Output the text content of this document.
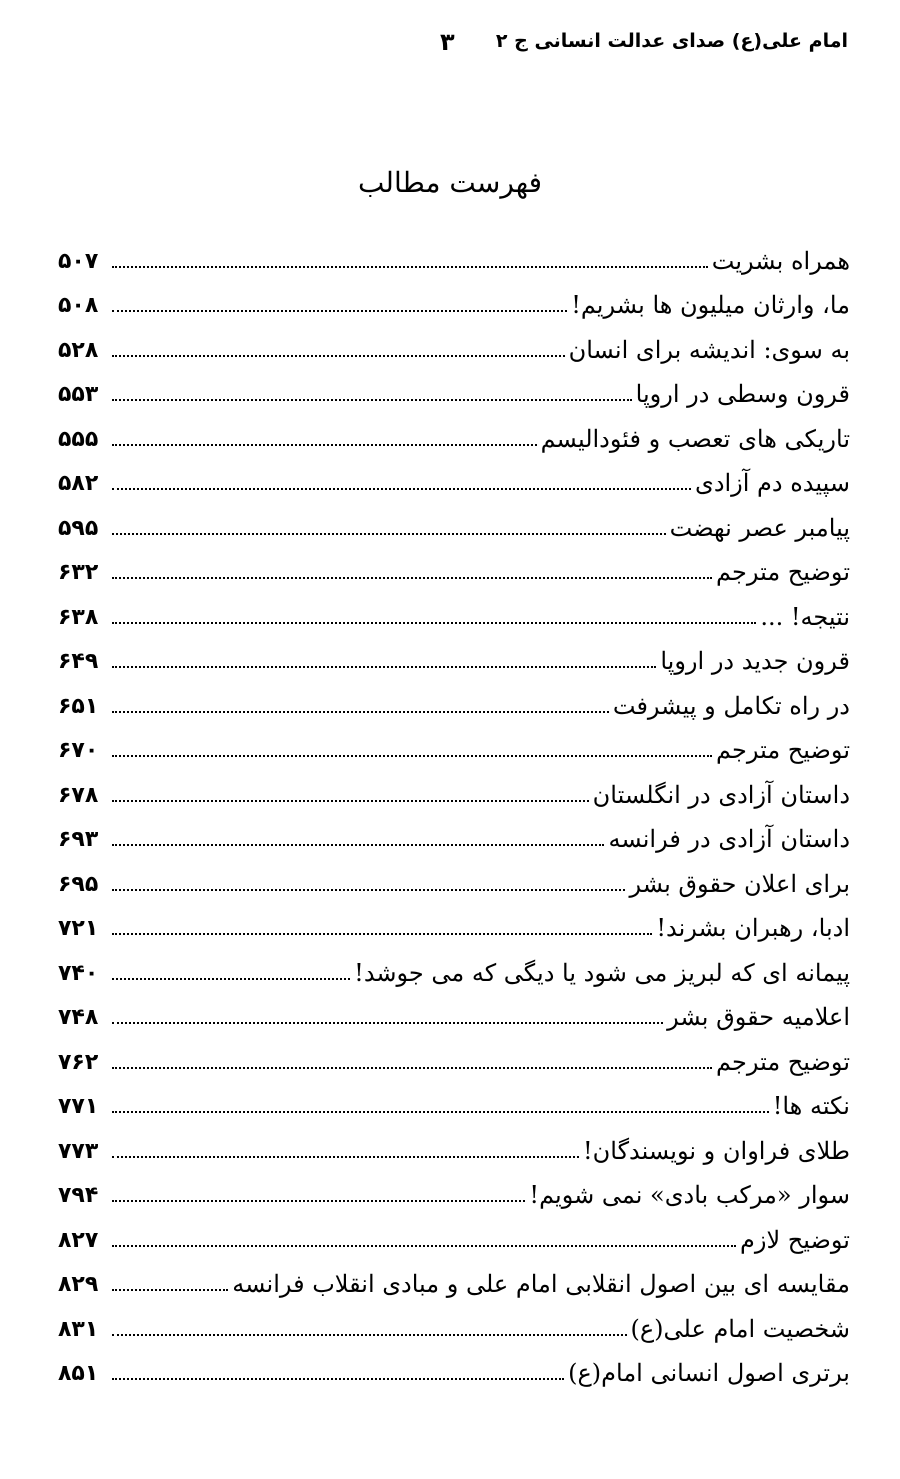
امام علی(ع) صدای عدالت انسانی ج ۲
۳
فهرست مطالب
همراه بشریت
۵۰۷
ما، وارثان میلیون ها بشریم!
۵۰۸
به سوی: اندیشه برای انسان
۵۲۸
قرون وسطی در اروپا
۵۵۳
تاریکی های تعصب و فئودالیسم
۵۵۵
سپیده دم آزادی
۵۸۲
پیامبر عصر نهضت
۵۹۵
توضیح مترجم
۶۳۲
نتیجه! ...
۶۳۸
قرون جدید در اروپا
۶۴۹
در راه تکامل و پیشرفت
۶۵۱
توضیح مترجم
۶۷۰
داستان آزادی در انگلستان
۶۷۸
داستان آزادی در فرانسه
۶۹۳
برای اعلان حقوق بشر
۶۹۵
ادبا، رهبران بشرند!
۷۲۱
پیمانه ای که لبریز می شود یا دیگی که می جوشد!
۷۴۰
اعلامیه حقوق بشر
۷۴۸
توضیح مترجم
۷۶۲
نکته ها!
۷۷۱
طلای فراوان و نویسندگان!
۷۷۳
سوار «مرکب بادی» نمی شویم!
۷۹۴
توضیح لازم
۸۲۷
مقایسه ای بین اصول انقلابی امام علی و مبادی انقلاب فرانسه
۸۲۹
شخصیت امام علی(ع)
۸۳۱
برتری اصول انسانی امام(ع)
۸۵۱
